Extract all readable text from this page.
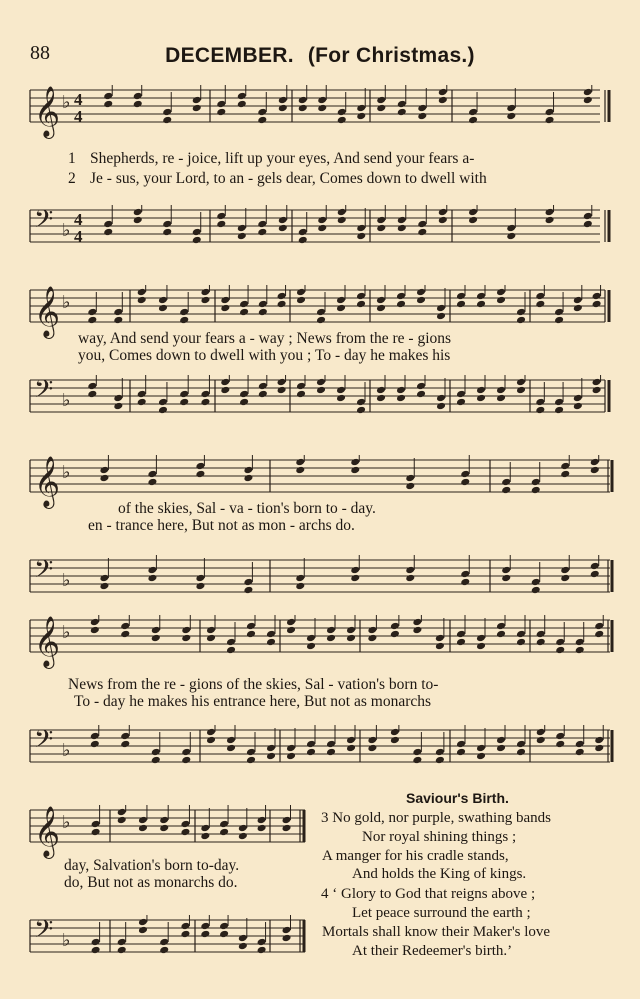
88	DECEMBER. (For Christmas.)
𝄞 ♭ 4
4
1 Shepherds, re - joice, lift up your eyes, And send your fears a-
2 Je - sus, your Lord, to an - gels dear, Comes down to dwell with
𝄢 ♭
4
4
𝄞 ♭
way, And send your fears a - way ; News from the re - gions
you, Comes down to dwell with you ; To - day he makes his
𝄢 ♭
𝄞 ♭
of the skies, Sal - va - tion's born to - day.
en - trance here, But not as mon - archs do.
𝄢 ♭
𝄞 ♭
News from the re - gions of the skies, Sal - vation's born to-
To - day he makes his entrance here, But not as monarchs
𝄢 ♭
𝄞 ♭
day, Salvation's born to-day.
do, But not as monarchs do.
𝄢 ♭
Saviour's Birth.
3 No gold, nor purple, swathing bands
Nor royal shining things ;
A manger for his cradle stands,
And holds the King of kings.
4 ‘ Glory to God that reigns above ;
Let peace surround the earth ;
Mortals shall know their Maker's love
At their Redeemer's birth.’
